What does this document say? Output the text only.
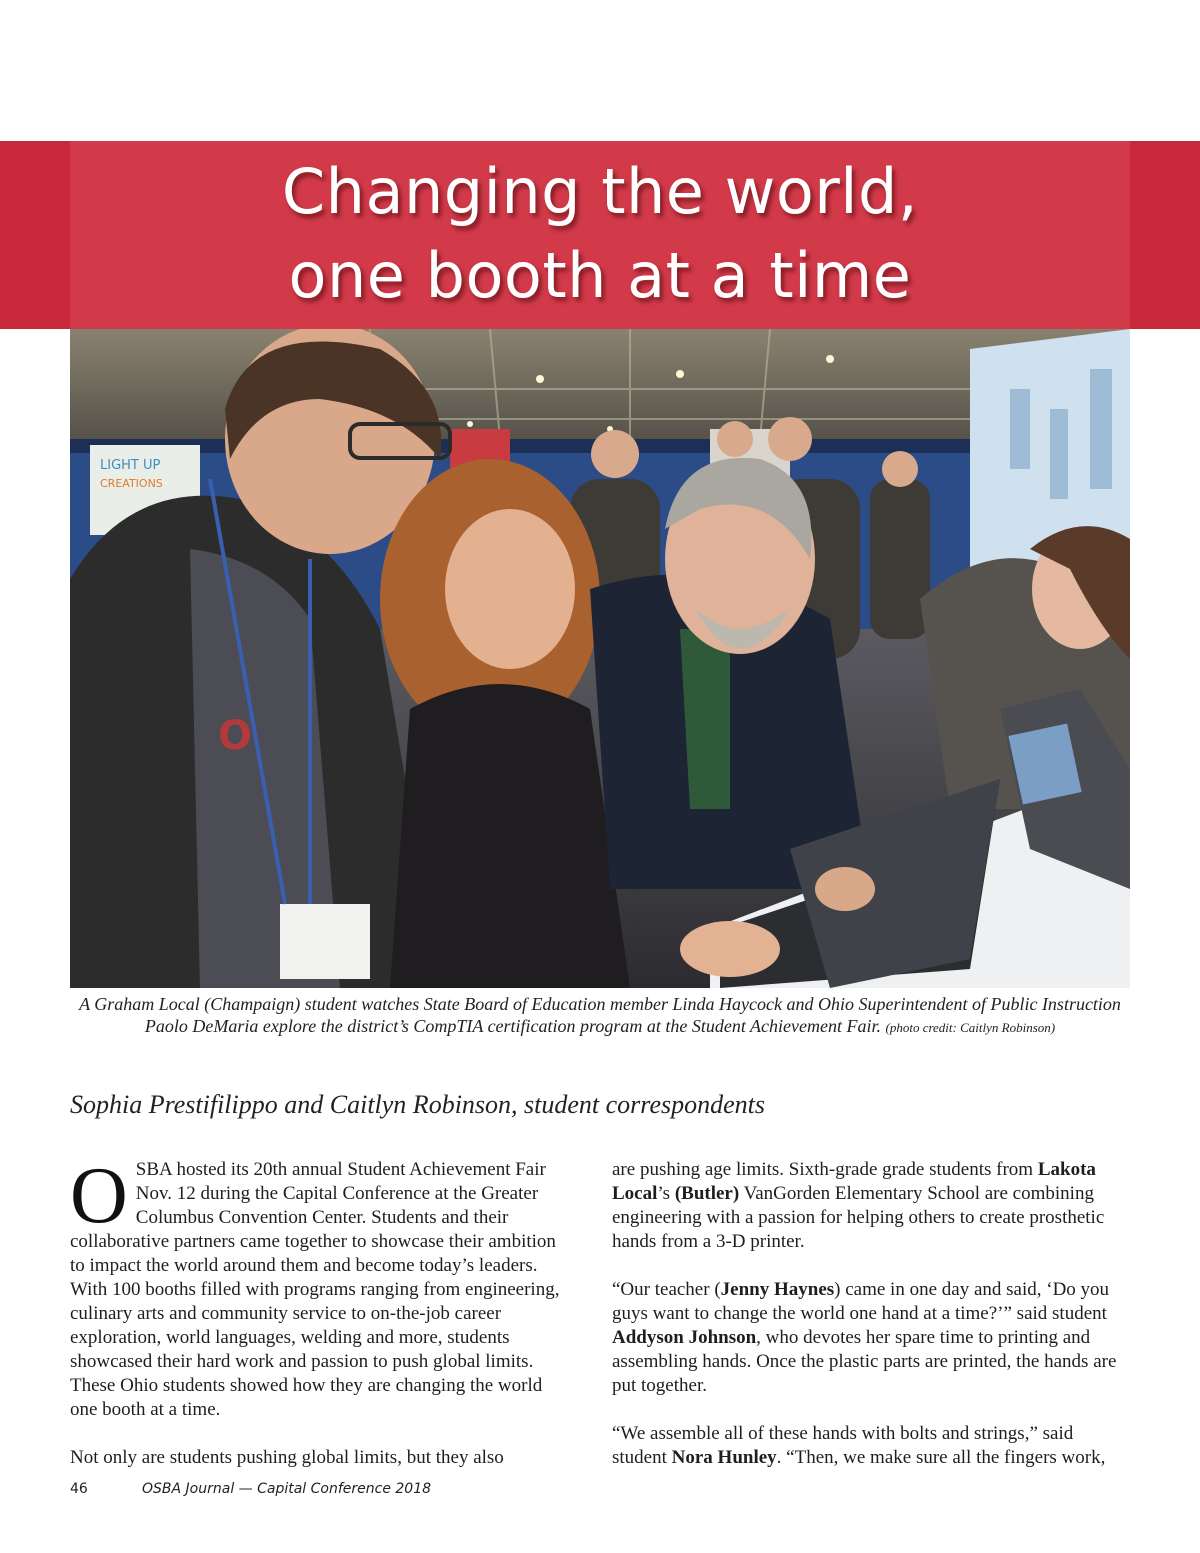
Changing the world,
one booth at a time
LIGHT UP
CREATIONS
O
A Graham Local (Champaign) student watches State Board of Education member Linda Haycock and Ohio Superintendent of Public Instruction Paolo DeMaria explore the district’s CompTIA certification program at the Student Achievement Fair. (photo credit: Caitlyn Robinson)
Sophia Prestifilippo and Caitlyn Robinson, student correspondents

OSBA hosted its 20th annual Student Achievement Fair Nov. 12 during the Capital Conference at the Greater Columbus Convention Center. Students and their collaborative partners came together to showcase their ambition to impact the world around them and become today’s leaders. With 100 booths filled with programs ranging from engineering, culinary arts and community service to on-the-job career exploration, world languages, welding and more, students showcased their hard work and passion to push global limits. These Ohio students showed how they are changing the world one booth at a time.

Not only are students pushing global limits, but they also

are pushing age limits. Sixth-grade grade students from Lakota Local’s (Butler) VanGorden Elementary School are combining engineering with a passion for helping others to create prosthetic hands from a 3-D printer.

“Our teacher (Jenny Haynes) came in one day and said, ‘Do you guys want to change the world one hand at a time?’” said student Addyson Johnson, who devotes her spare time to printing and assembling hands. Once the plastic parts are printed, the hands are put together.

“We assemble all of these hands with bolts and strings,” said student Nora Hunley. “Then, we make sure all the fingers work,

46	OSBA Journal — Capital Conference 2018
